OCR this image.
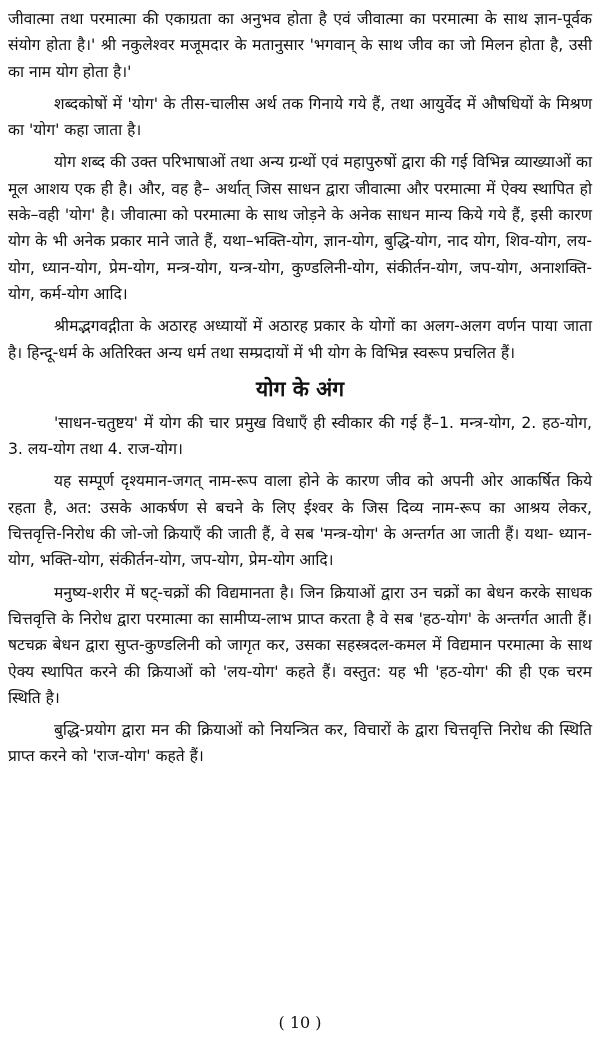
जीवात्मा तथा परमात्मा की एकाग्रता का अनुभव होता है एवं जीवात्मा का परमात्मा के साथ ज्ञान-पूर्वक संयोग होता है।' श्री नकुलेश्वर मजूमदार के मतानुसार 'भगवान् के साथ जीव का जो मिलन होता है, उसी का नाम योग होता है।'

शब्दकोषों में 'योग' के तीस-चालीस अर्थ तक गिनाये गये हैं, तथा आयुर्वेद में औषधियों के मिश्रण का 'योग' कहा जाता है।

योग शब्द की उक्त परिभाषाओं तथा अन्य ग्रन्थों एवं महापुरुषों द्वारा की गई विभिन्न व्याख्याओं का मूल आशय एक ही है। और, वह है– अर्थात् जिस साधन द्वारा जीवात्मा और परमात्मा में ऐक्य स्थापित हो सके–वही 'योग' है। जीवात्मा को परमात्मा के साथ जोड़ने के अनेक साधन मान्य किये गये हैं, इसी कारण योग के भी अनेक प्रकार माने जाते हैं, यथा–भक्ति-योग, ज्ञान-योग, बुद्धि-योग, नाद योग, शिव-योग, लय-योग, ध्यान-योग, प्रेम-योग, मन्त्र-योग, यन्त्र-योग, कुण्डलिनी-योग, संकीर्तन-योग, जप-योग, अनाशक्ति-योग, कर्म-योग आदि।

श्रीमद्भगवद्गीता के अठारह अध्यायों में अठारह प्रकार के योगों का अलग-अलग वर्णन पाया जाता है। हिन्दू-धर्म के अतिरिक्त अन्य धर्म तथा सम्प्रदायों में भी योग के विभिन्न स्वरूप प्रचलित हैं।

योग के अंग

'साधन-चतुष्टय' में योग की चार प्रमुख विधाएँ ही स्वीकार की गई हैं–1. मन्त्र-योग, 2. हठ-योग, 3. लय-योग तथा 4. राज-योग।

यह सम्पूर्ण दृश्यमान-जगत् नाम-रूप वाला होने के कारण जीव को अपनी ओर आकर्षित किये रहता है, अत: उसके आकर्षण से बचने के लिए ईश्वर के जिस दिव्य नाम-रूप का आश्रय लेकर, चित्तवृत्ति-निरोध की जो-जो क्रियाएँ की जाती हैं, वे सब 'मन्त्र-योग' के अन्तर्गत आ जाती हैं। यथा- ध्यान-योग, भक्ति-योग, संकीर्तन-योग, जप-योग, प्रेम-योग आदि।

मनुष्य-शरीर में षट्-चक्रों की विद्यमानता है। जिन क्रियाओं द्वारा उन चक्रों का बेधन करके साधक चित्तवृत्ति के निरोध द्वारा परमात्मा का सामीप्य-लाभ प्राप्त करता है वे सब 'हठ-योग' के अन्तर्गत आती हैं। षटचक्र बेधन द्वारा सुप्त-कुण्डलिनी को जागृत कर, उसका सहस्त्रदल-कमल में विद्यमान परमात्मा के साथ ऐक्य स्थापित करने की क्रियाओं को 'लय-योग' कहते हैं। वस्तुत: यह भी 'हठ-योग' की ही एक चरम स्थिति है।

बुद्धि-प्रयोग द्वारा मन की क्रियाओं को नियन्त्रित कर, विचारों के द्वारा चित्तवृत्ति निरोध की स्थिति प्राप्त करने को 'राज-योग' कहते हैं।

( 10 )
